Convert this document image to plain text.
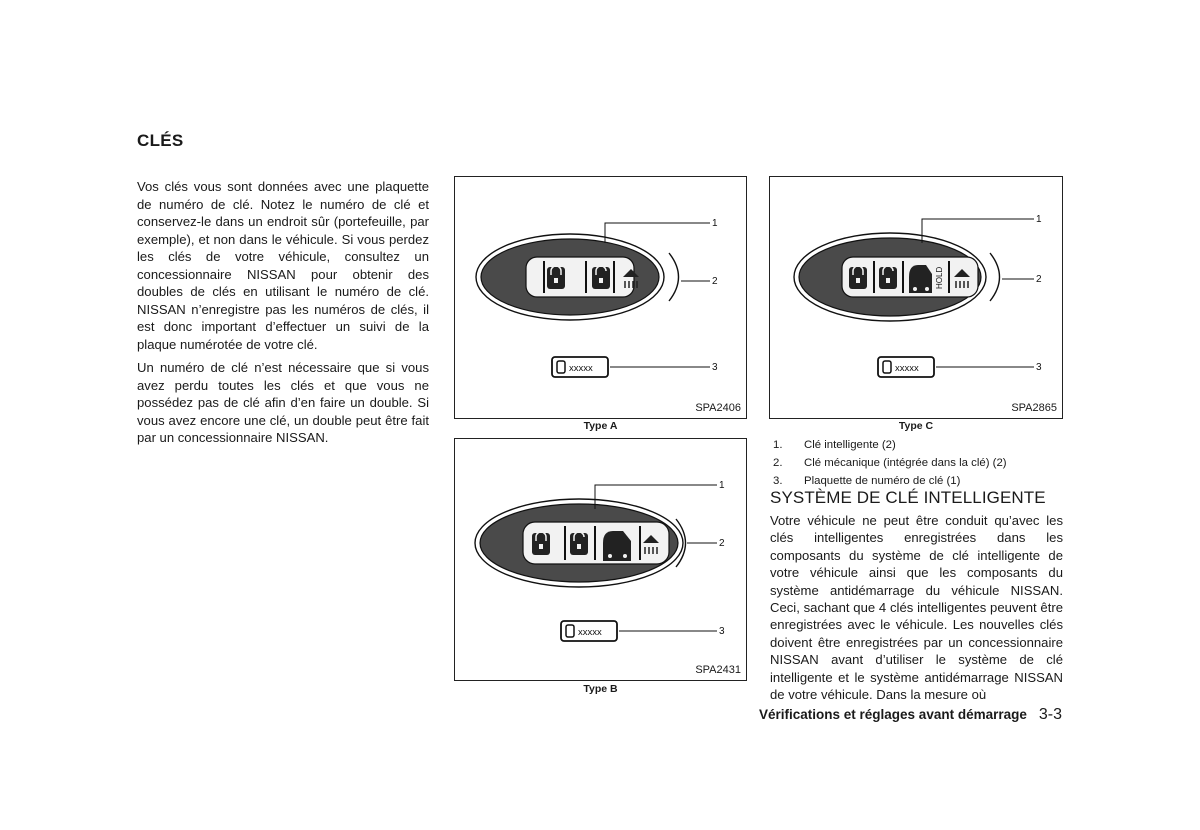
CLÉS

Vos clés vous sont données avec une plaquette de numéro de clé. Notez le numéro de clé et conservez-le dans un endroit sûr (portefeuille, par exemple), et non dans le véhicule. Si vous perdez les clés de votre véhicule, consultez un concessionnaire NISSAN pour obtenir des doubles de clés en utilisant le numéro de clé. NISSAN n’enregistre pas les numéros de clés, il est donc important d’effectuer un suivi de la plaque numérotée de votre clé.

Un numéro de clé n’est nécessaire que si vous avez perdu toutes les clés et que vous ne possédez pas de clé afin d’en faire un double. Si vous avez encore une clé, un double peut être fait par un concessionnaire NISSAN.

xxxxx
1
2
3
SPA2406
Type A
xxxxx
1
2
3
SPA2431
Type B
HOLD
xxxxx
1
2
3
SPA2865
Type C
1.	Clé intelligente (2)
2.	Clé mécanique (intégrée dans la clé) (2)
3.	Plaquette de numéro de clé (1)
SYSTÈME DE CLÉ INTELLIGENTE

Votre véhicule ne peut être conduit qu’avec les clés intelligentes enregistrées dans les composants du système de clé intelligente de votre véhicule ainsi que les composants du système antidémarrage du véhicule NISSAN. Ceci, sachant que 4 clés intelligentes peuvent être enregistrées avec le véhicule. Les nouvelles clés doivent être enregistrées par un concessionnaire NISSAN avant d’utiliser le système de clé intelligente et le système antidémarrage NISSAN de votre véhicule. Dans la mesure où

Vérifications et réglages avant démarrage 3-3
